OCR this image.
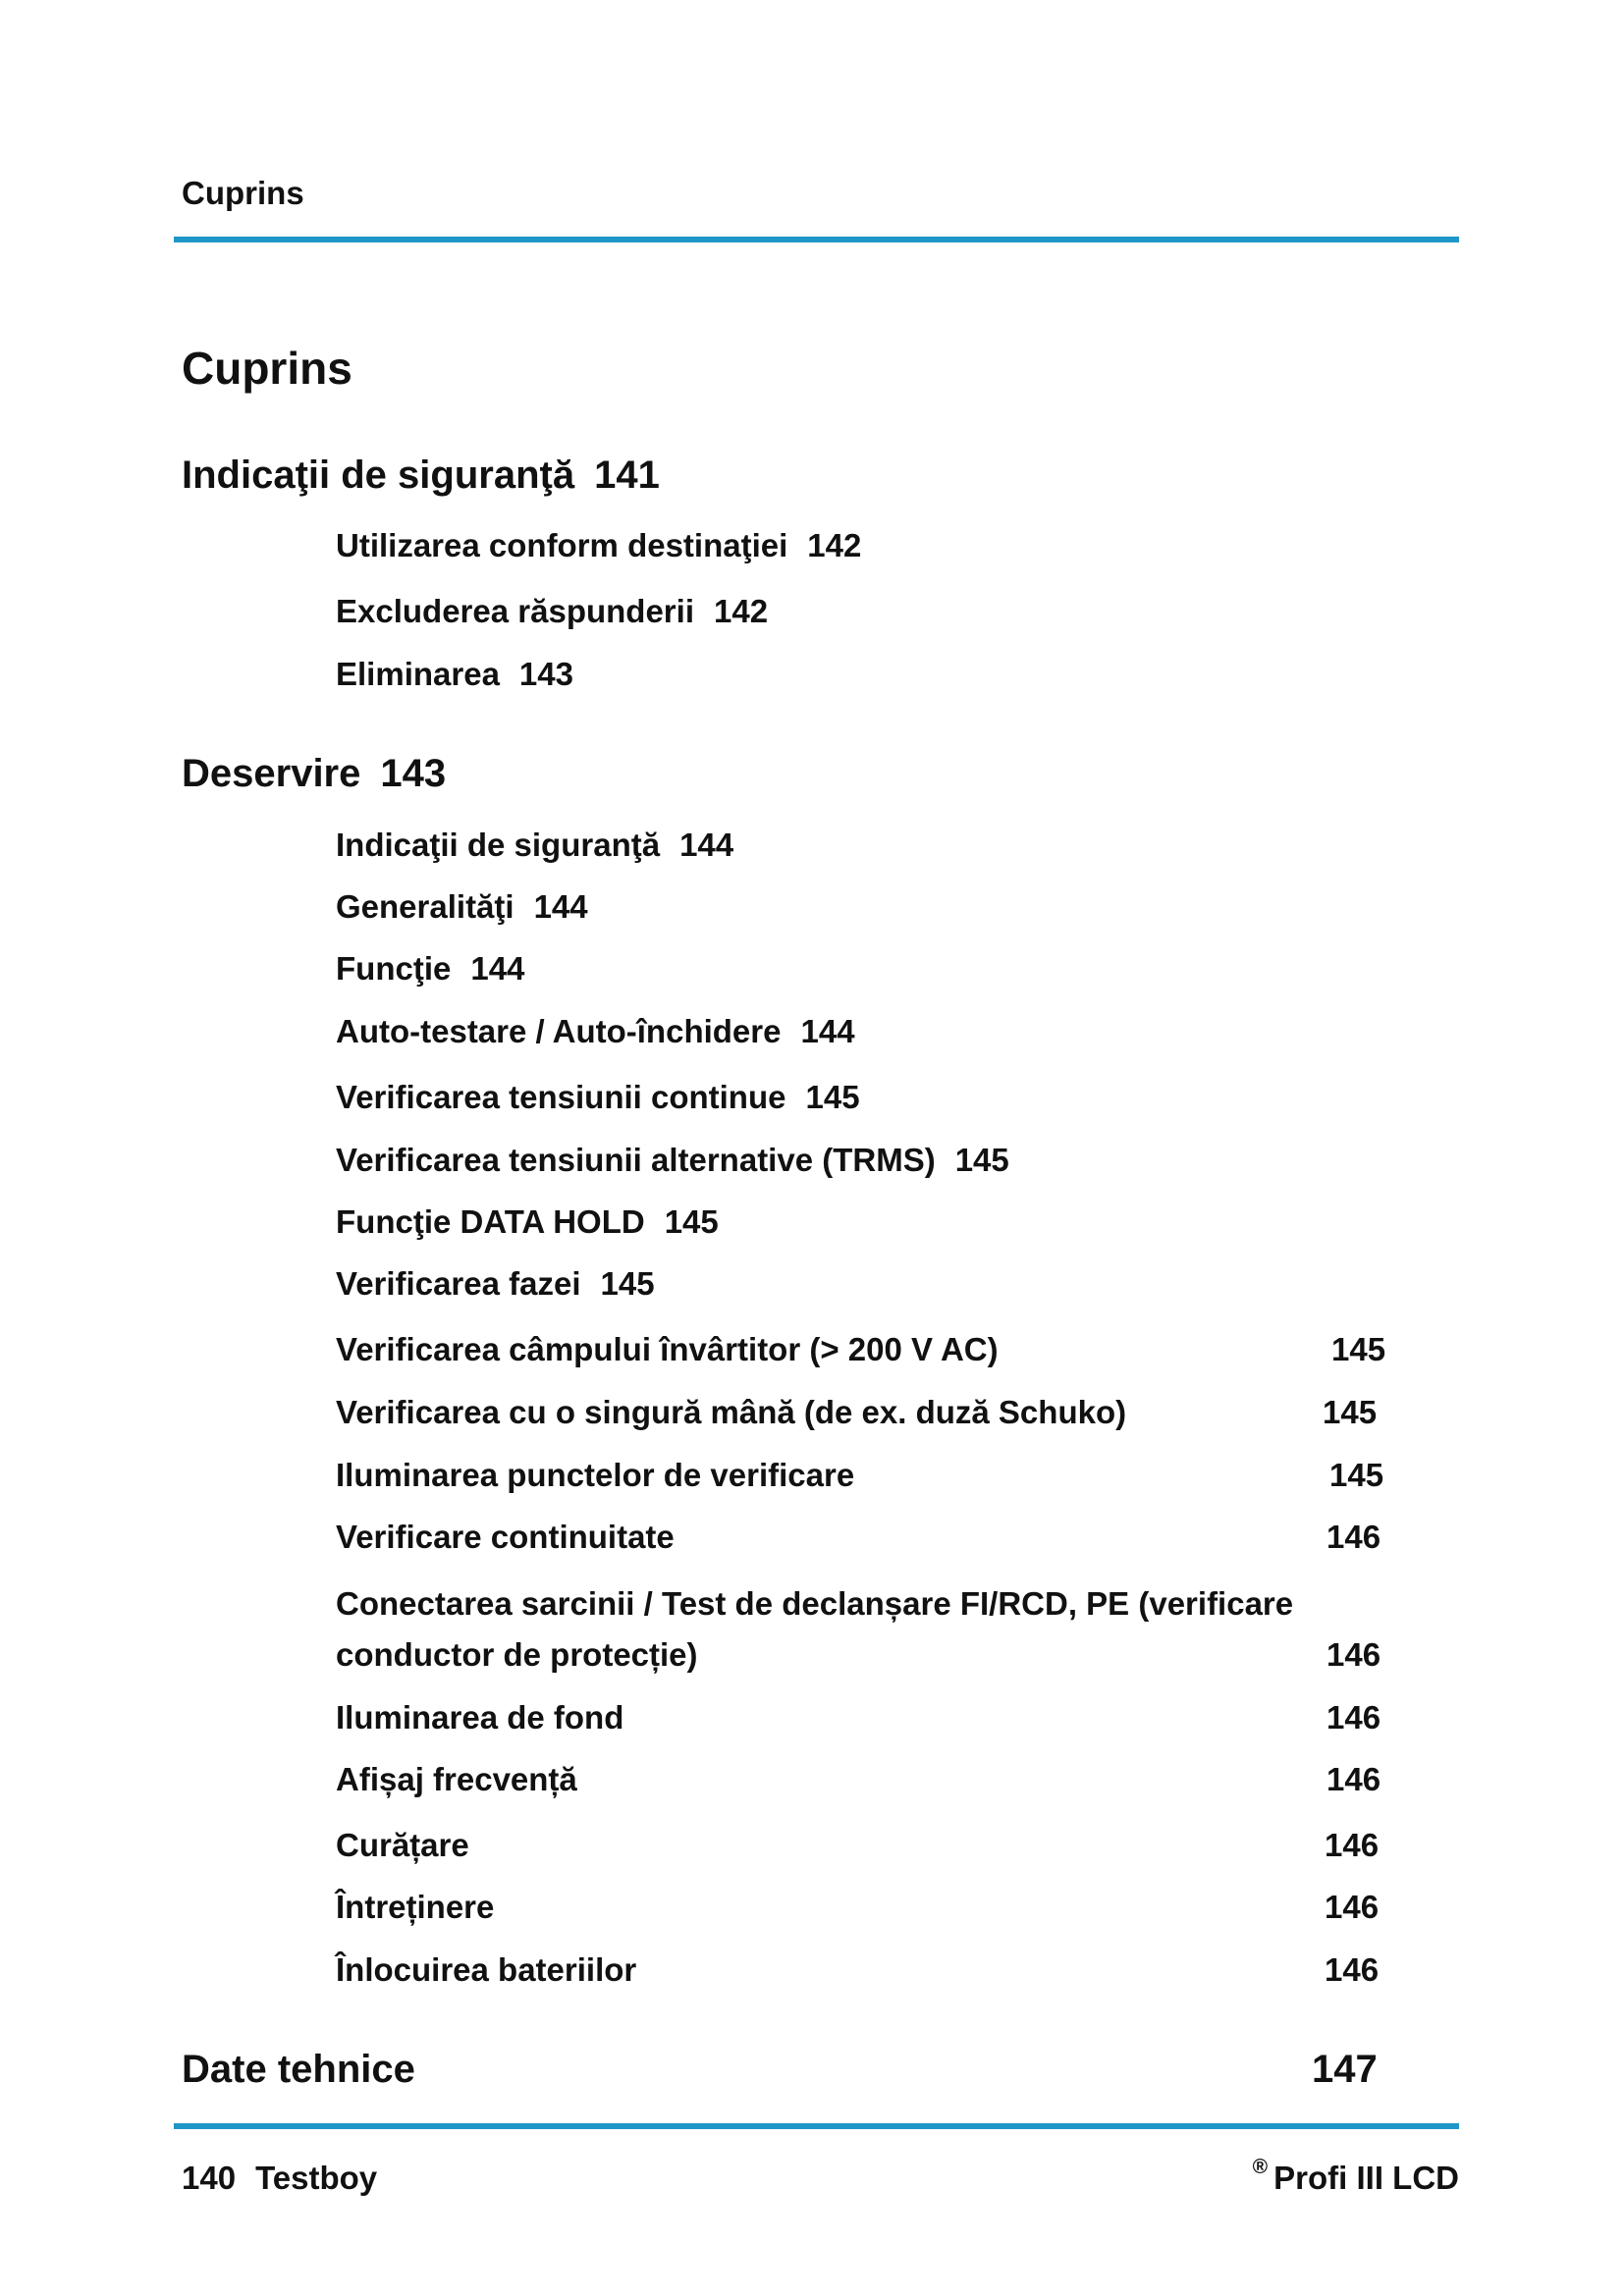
Cuprins
Cuprins
Indicaţii de siguranţă 141
Utilizarea conform destinaţiei 142
Excluderea răspunderii 142
Eliminarea 143
Deservire 143
Indicaţii de siguranţă 144
Generalităţi 144
Funcţie 144
Auto-testare / Auto-închidere 144
Verificarea tensiunii continue 145
Verificarea tensiunii alternative (TRMS) 145
Funcţie DATA HOLD 145
Verificarea fazei 145
Verificarea câmpului învârtitor (> 200 V AC)	145
Verificarea cu o singură mână (de ex. duză Schuko)	145
Iluminarea punctelor de verificare	145
Verificare continuitate	146
Conectarea sarcinii / Test de declanșare FI/RCD, PE (verificare
conductor de protecție)	146
Iluminarea de fond	146
Afișaj frecvență	146
Curățare	146
Întreținere	146
Înlocuirea bateriilor	146
Date tehnice	147
140 Testboy	® Profi III LCD
